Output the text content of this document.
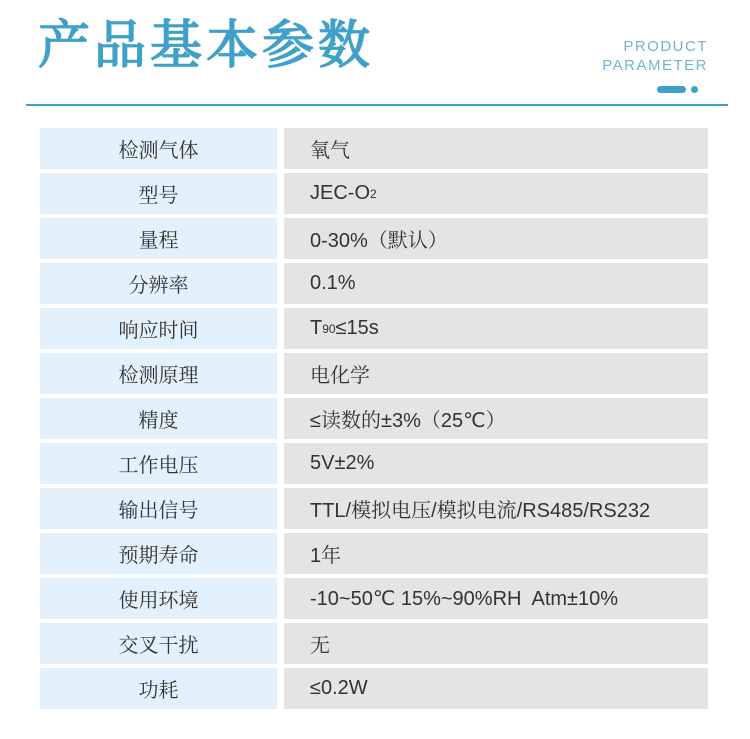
产品基本参数	PRODUCT
PARAMETER
检测气体	氧气
型号	JEC-O 2
量程	0-30%（默认）
分辨率	0.1%
响应时间	T 90 ≤15s
检测原理	电化学
精度	≤读数的±3%（25℃）
工作电压	5V±2%
输出信号	TTL/模拟电压/模拟电流/RS485/RS232
预期寿命	1年
使用环境	-10~50℃ 15%~90%RH  Atm±10%
交叉干扰	无
功耗	≤0.2W
